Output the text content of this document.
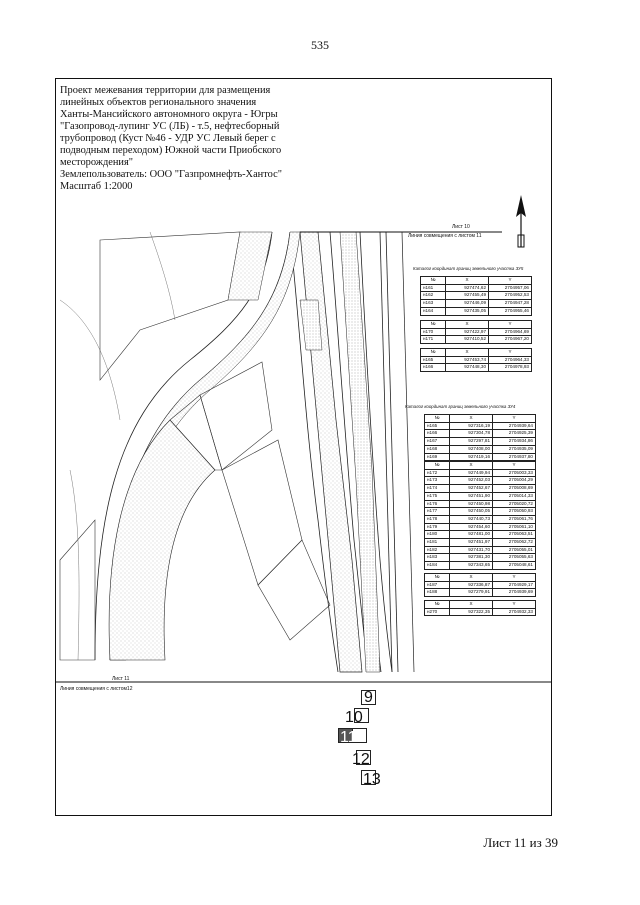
535
Проект межевания территории для размещения
линейных объектов регионального значения
Ханты-Мансийского автономного округа - Югры
"Газопровод-лупинг УС (ЛБ) - т.5, нефтесборный
трубопровод (Куст №46 - УДР УС Левый берег с
подводным переходом) Южной части Приобского
месторождения"
Землепользователь: ООО "Газпромнефть-Хантос"
Масштаб 1:2000
Лист 10
Линия совмещения с листом 11
Лист 11
Линия совмещения с листом12
Каталог координат границ земельного участка ЗУ5
Каталог координат границ земельного участка ЗУ4
№	X	Y
н161	927474,62	2704957,06
н162	927455,49	2704952,53
н163	927446,09	2704947,28
н164	927435,05	2704955,46
№	X	Y
н170	927422,97	2704964,69
н171	927410,52	2704967,20
№	X	Y
н165	927453,74	2704964,33
н166	927448,30	2704978,93
№	X	Y
н165	927316,19	2704939,64
н166	927304,78	2704925,39
н167	927297,81	2704934,86
н168	927408,00	2704935,09
н169	927419,16	2704937,80
№	X	Y
н172	927449,94	2705003,33
н173	927452,03	2705004,29
н174	927452,67	2705008,69
н175	927451,90	2705014,33
н176	927450,98	2705020,72
н177	927450,05	2705050,93
н178	927440,73	2705061,76
н179	927454,60	2705061,10
н180	927481,00	2705063,51
н181	927451,97	2705062,72
н182	927431,70	2705055,01
н183	927381,30	2705055,63
н184	927343,65	2705048,61
№	X	Y
н187	927336,87	2704929,17
н188	927279,91	2704939,69
№	X	Y
н270	927322,35	2704932,33
9
10
11
12
13
Лист 11 из 39
